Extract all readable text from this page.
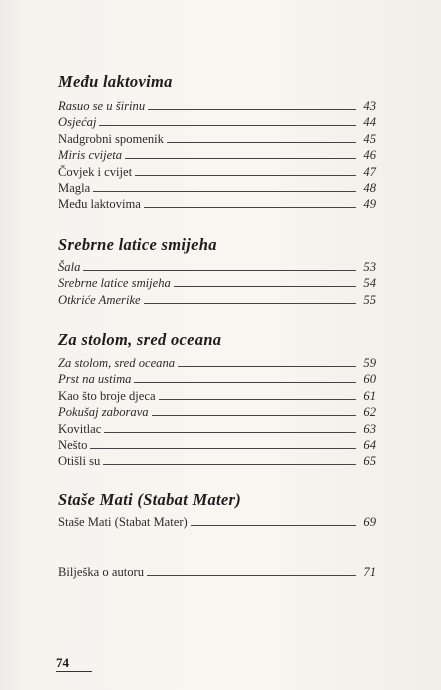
Među laktovima
Rasuo se u širinu	43
Osjećaj	44
Nadgrobni spomenik	45
Miris cvijeta	46
Čovjek i cvijet	47
Magla	48
Među laktovima	49
Srebrne latice smijeha
Šala	53
Srebrne latice smijeha	54
Otkriće Amerike	55
Za stolom, sred oceana
Za stolom, sred oceana	59
Prst na ustima	60
Kao što broje djeca	61
Pokušaj zaborava	62
Kovitlac	63
Nešto	64
Otišli su	65
Staše Mati (Stabat Mater)
Staše Mati (Stabat Mater)	69
Bilješka o autoru	71
74
